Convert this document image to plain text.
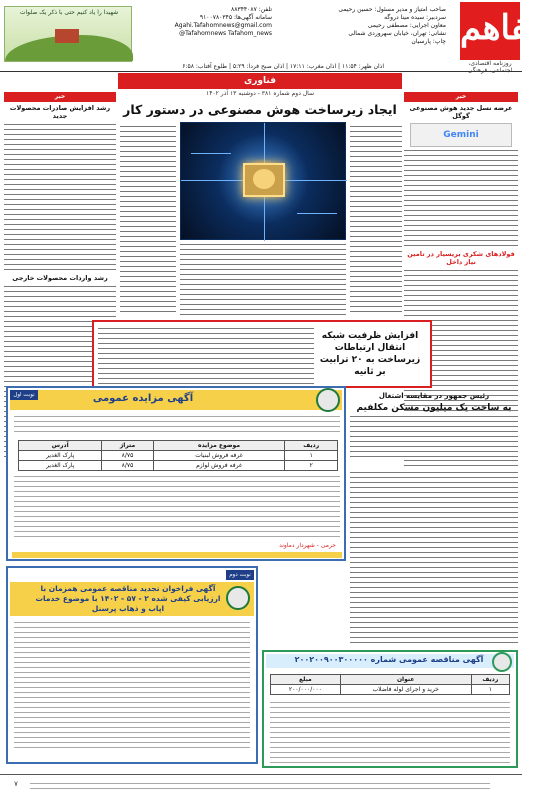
تفاهم
روزنامه اقتصادی، اجتماعی، فرهنگی
صاحب امتیاز و مدیر مسئول: حسین رحیمی
سردبیر: سیده مینا دروگه
معاون اجرایی: مصطفی رحیمی
نشانی: تهران، خیابان سهروردی شمالی
چاپ: پارسیان
تلفن: ۸۸۳۴۴۰۸۷
سامانه آگهی‌ها: ۹۱۰۰۷۸۰۳۴۵
Agahi.Tafahomnews@gmail.com
@Tafahomnews Tafahom_news
شهیدا را یاد کنیم حتی با ذکر یک صلوات
اذان ظهر: ۱۱:۵۴ | اذان مغرب: ۱۷:۱۱ | اذان صبح فردا: ۵:۲۹ | طلوع آفتاب: ۶:۵۸
فناوری
سال دوم شماره ۳۸۱ - دوشنبه ۱۳ آذر ۱۴۰۲	خبر
عرضه نسل جدید هوش مصنوعی گوگل
Gemini
فولادهای شکری بریسیار در تامین نیاز داخل
خبر
رشد افزایش صادرات محصولات جدید
رشد واردات محصولات خارجی
ایجاد زیرساخت هوش مصنوعی در دستور کار
افزایش ظرفیت شبکه انتقال ارتباطات زیرساخت به ۲۰ ترابیت بر ثانیه
رئیس جمهور در مقایسه اشتغال
به ساخت یک میلیون مسکن مکلفیم
نوبت اول	آگهی مزایده عمومی
ردیف	موضوع مزایده	متراژ	آدرس
۱	غرفه فروش لبنیات	۸/۷۵	پارک الغدیر
۲	غرفه فروش لوازم	۸/۷۵	پارک الغدیر
حرمی - شهردار دماوند
نوبت دوم
آگهی فراخوان تجدید مناقصه عمومی همزمان با ارزیابی کیفی شده ۲ - ۵۷ - ۱۴۰۲ با موضوع خدمات اپاب و ذهاب پرسنل
آگهی مناقصه عمومی شماره ۲۰۰۲۰۰۹۰۰۳۰۰۰۰۰
ردیف	عنوان	مبلغ
۱	خرید و اجرای لوله فاضلاب	۲۰۰/۰۰۰/۰۰۰
۷
